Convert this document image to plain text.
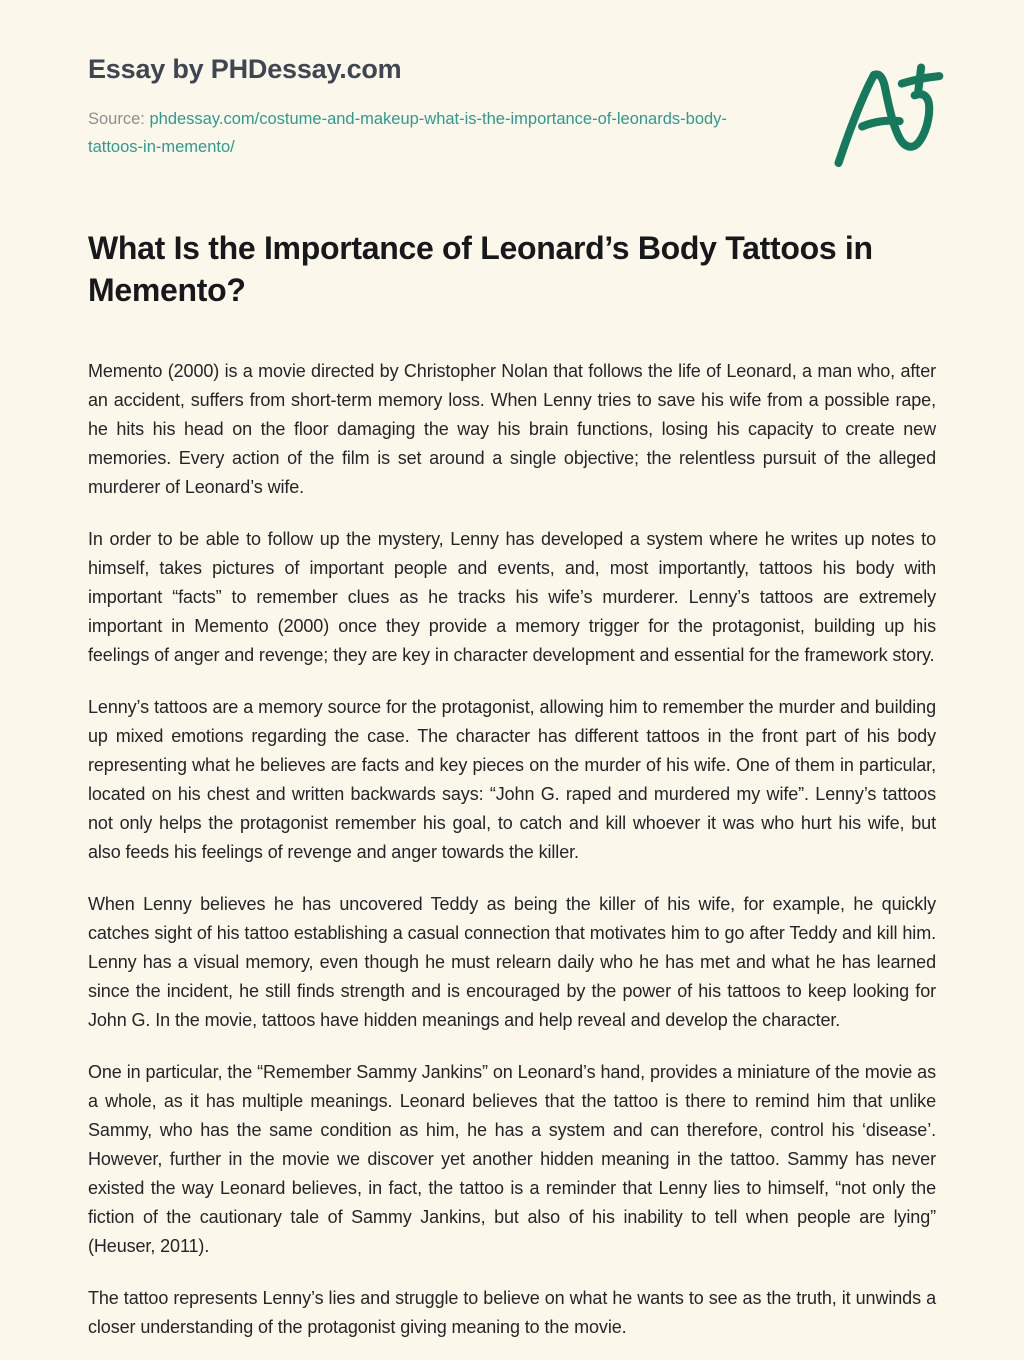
Essay by PHDessay.com
Source: phdessay.com/costume-and-makeup-what-is-the-importance-of-leonards-body-tattoos-in-memento/
What Is the Importance of Leonard’s Body Tattoos in Memento?

Memento (2000) is a movie directed by Christopher Nolan that follows the life of Leonard, a man who, after an accident, suffers from short-term memory loss. When Lenny tries to save his wife from a possible rape, he hits his head on the floor damaging the way his brain functions, losing his capacity to create new memories. Every action of the film is set around a single objective; the relentless pursuit of the alleged murderer of Leonard’s wife.

In order to be able to follow up the mystery, Lenny has developed a system where he writes up notes to himself, takes pictures of important people and events, and, most importantly, tattoos his body with important “facts” to remember clues as he tracks his wife’s murderer. Lenny’s tattoos are extremely important in Memento (2000) once they provide a memory trigger for the protagonist, building up his feelings of anger and revenge; they are key in character development and essential for the framework story.

Lenny’s tattoos are a memory source for the protagonist, allowing him to remember the murder and building up mixed emotions regarding the case. The character has different tattoos in the front part of his body representing what he believes are facts and key pieces on the murder of his wife. One of them in particular, located on his chest and written backwards says: “John G. raped and murdered my wife”. Lenny’s tattoos not only helps the protagonist remember his goal, to catch and kill whoever it was who hurt his wife, but also feeds his feelings of revenge and anger towards the killer.

When Lenny believes he has uncovered Teddy as being the killer of his wife, for example, he quickly catches sight of his tattoo establishing a casual connection that motivates him to go after Teddy and kill him. Lenny has a visual memory, even though he must relearn daily who he has met and what he has learned since the incident, he still finds strength and is encouraged by the power of his tattoos to keep looking for John G. In the movie, tattoos have hidden meanings and help reveal and develop the character.

One in particular, the “Remember Sammy Jankins” on Leonard’s hand, provides a miniature of the movie as a whole, as it has multiple meanings. Leonard believes that the tattoo is there to remind him that unlike Sammy, who has the same condition as him, he has a system and can therefore, control his ‘disease’. However, further in the movie we discover yet another hidden meaning in the tattoo. Sammy has never existed the way Leonard believes, in fact, the tattoo is a reminder that Lenny lies to himself, “not only the fiction of the cautionary tale of Sammy Jankins, but also of his inability to tell when people are lying” (Heuser, 2011).

The tattoo represents Lenny’s lies and struggle to believe on what he wants to see as the truth, it unwinds a closer understanding of the protagonist giving meaning to the movie.
